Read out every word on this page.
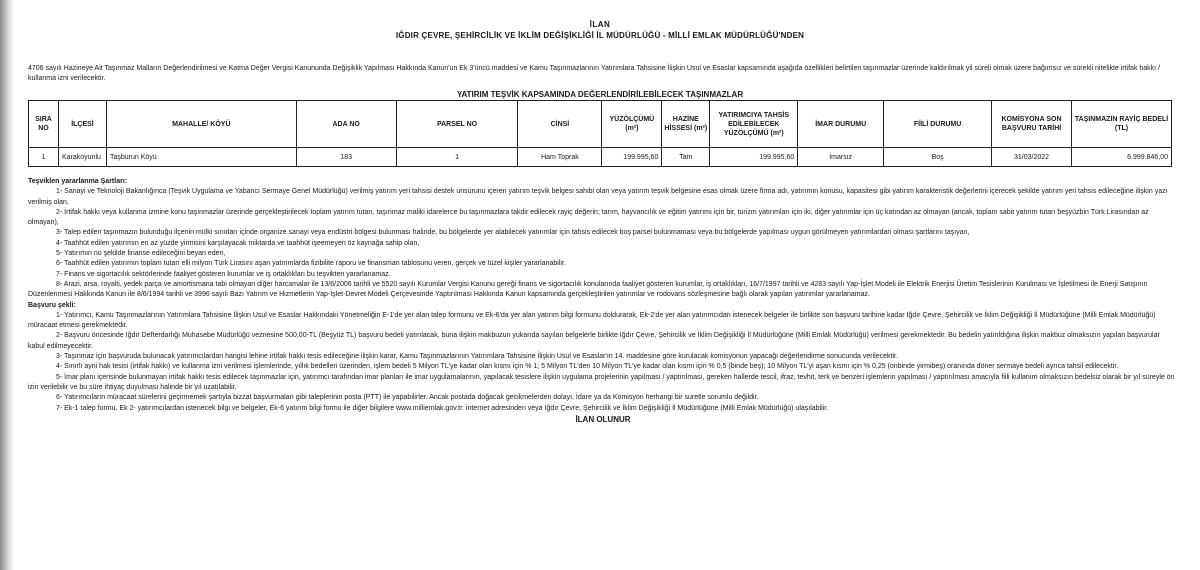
İLAN
IĞDIR ÇEVRE, ŞEHİRCİLİK VE İKLİM DEĞİŞİKLİĞİ İL MÜDÜRLÜĞÜ - MİLLİ EMLAK MÜDÜRLÜĞÜ'NDEN
4706 sayılı Hazineye Ait Taşınmaz Malların Değerlendirilmesi ve Katma Değer Vergisi Kanununda Değişiklik Yapılması Hakkında Kanun'un Ek 3'üncü maddesi ve Kamu Taşınmazlarının Yatırımlara Tahsisine İlişkin Usul ve Esaslar kapsamında aşağıda özellikleri belirtilen taşınmazlar üzerinde kaldırılmak yil süreli olmak üzere bağımsız ve sürekli nitelikte irtifak hakkı / kullanma izni verilecektir.
YATIRIM TEŞVİK KAPSAMINDA DEĞERLENDİRİLEBİLECEK TAŞINMAZLAR
SIRA NO	İLÇESİ	MAHALLE/ KÖYÜ	ADA NO	PARSEL NO	CİNSİ	YÜZÖLÇÜMÜ (m²)	HAZİNE HİSSESİ (m²)	YATIRIMCIYA TAHSİS EDİLEBİLECEK YÜZÖLÇÜMÜ (m²)	İMAR DURUMU	FİİLİ DURUMU	KOMİSYONA SON BAŞVURU TARİHİ	TAŞINMAZIN RAYİÇ BEDELİ (TL)
1	Karakoyunlu	Taşburun Köyü	183	1	Ham Toprak	199.995,60	Tam	199.995,60	İmarsız	Boş	31/03/2022	6.999.846,00
Teşviklen yararlanma Şartları:
1- Sanayi ve Teknoloji Bakanlığınca (Teşvik Uygulama ve Yabancı Sermaye Genel Müdürlüğü) verilmiş yatırım yeri tahsisi destek unsurunu içeren yatırım teşvik belgesi sahibi olan veya yatırım teşvik belgesine esas olmak üzere firma adı, yatırımın konusu, kapasitesi gibi yatırım karakteristik değerlerini içerecek şekilde yatırım yeri tahsis edileceğine ilişkin yazı verilmiş olan,
2- İrtifak hakkı veya kullanma izmine konu taşınmazlar üzerinde gerçekleştirilecek toplam yatırım tutarı, taşınmaz maliki idarelerce bu taşınmazlara takdir edilecek rayiç değerin; tarım, hayvancılık ve eğitim yatırımı için bir, turizm yatırımları için iki, diğer yatırımlar için üç katından az olmayan (ancak, toplam sabit yatırım tutarı beşyüzbin Türk Lirasından az olmayan),
3- Talep edilen taşınmazın bulunduğu ilçenin mülki sınırları içinde organize sanayi veya endüstri bölgesi bulunması halinde, bu bölgelerde yer alabilecek yatırımlar için tahsis edilecek boş parsel bulunmaması veya bu bölgelerde yapılması uygun görülmeyen yatırımlardan olması şartlarını taşıyan,
4- Taahhüt edilen yatırımın en az yüzde yirmisini karşılayacak miktarda ve taahhüt işeemeyen öz kaynağa sahip olan,
5- Yatırımın no şekilde finanse edileceğini beyan eden,
6- Taahhüt edilen yatırımın toplam tutarı elli milyon Türk Lirasını aşan yatırımlarda fizibilite raporu ve finansman tablosunu veren, gerçek ve tüzel kişiler yararlanabilir.
7- Finans ve sigortacılık sektörlerinde faaliyet gösteren kurumlar ve iş ortaklıkları bu teşvikten yararlanamaz.
8- Arazi, arsa, royalti, yedek parça ve amortismana tabi olmayan diğer harcamalar ile 13/6/2006 tarihli ve 5520 sayılı Kurumlar Vergisi Kanunu gereği finans ve sigortacılık konularında faaliyet gösteren kurumlar, iş ortaklıkları, 16/7/1997 tarihli ve 4283 sayılı Yap-İşlet Modeli ile Elektrik Enerjisi Üretim Tesislerinin Kurulması ve İşletilmesi ile Enerji Satışının Düzenlenmesi Hakkında Kanun ile 8/6/1994 tarihli ve 3996 sayılı Bazı Yatırım ve Hizmetlerin Yap-İşlet-Devret Modeli Çerçevesinde Yaptırılması Hakkında Kanun kapsamında gerçekleştirilen yatırımlar ve rodovans sözleşmesine bağlı olarak yapılan yatırımlar yararlanamaz.
Başvuru şekli:
1- Yatırımcı, Kamu Taşınmazlarının Yatırımlara Tahsisine İlişkin Usul ve Esaslar Hakkındaki Yönetmeliğin E-1'de yer alan talep formunu ve Ek-6'da yer alan yatırım bilgi formunu doldurarak, Ek-2'de yer alan yatırımcıdan istenecek belgeler ile birlikte son başvuru tarihine kadar Iğdır Çevre, Şehircilik ve İklim Değişikliği İl Müdürlüğüne (Milli Emlak Müdürlüğü) müracaat etmesi gerekmektedir.
2- Başvuru öncesinde Iğdır Defterdarlığı Muhasebe Müdürlüğü veznesine 500,00-TL (Beşyüz TL) başvuru bedeli yatırılacak, buna ilişkin makbuzun yukarıda sayılan belgelerle birlikte Iğdır Çevre, Şehircilik ve İklim Değişikliği İl Müdürlüğüne (Milli Emlak Müdürlüğü) verilmesi gerekmektedir. Bu bedelin yatırıldığına ilişkin makbuz olmaksızın yapılan başvurular kabul edilmeyecektir.
3- Taşınmaz için başvuruda bulunacak yatırımcılardan hangisi lehine irtifak hakkı tesis edileceğine ilişkin karar, Kamu Taşınmazlarının Yatırımlara Tahsisine İlişkin Usul ve Esaslar'ın 14. maddesine göre kurulacak komisyonun yapacağı değerlendirme sonucunda verilecektir.
4- Sınırlı ayni hak tesisi (irtifak hakkı) ve kullanma izni verilmesi işlemlerinde, yıllık bedelleri üzerinden, işlem bedeli 5 Milyon TL'ye kadar olan kısmı için % 1; 5 Milyon TL'den 10 Milyon TL'ye kadar olan kısmı için % 0,5 (binde beş); 10 Milyon TL'yi aşan kısmı için % 0,25 (onbinde yirmibeş) oranında döner sermaye bedeli ayrıca tahsil edilecektir.
5- İmar planı içerisinde bulunmayan irtifak hakkı tesis edilecek taşınmazlar için, yatırımcı tarafından imar planları ile imar uygulamalarının, yapılacak tesislere ilişkin uygulama projelerinin yapılması / yaptırılması, gereken hallerde tescil, ifraz, tevhit, terk ve benzeri işlemlerin yapılması / yaptırılması amacıyla fiili kullanım olmaksızın bedelsiz olarak bir yıl süreyle ön izin verilebilir ve bu süre ihtiyaç duyulması halinde bir yıl uzatılabilir.
6- Yatırımcıların müracaat sürelerini geçirmemek şartıyla bizzat başvurmaları gibi taleplerinin posta (PTT) ile yapabilirler. Ancak postada doğacak gecikmelerden dolayı, İdare ya da Komisyon herhangi bir suretle sorumlu değildir.
7- Ek-1 talep formu, Ek 2- yatırımcılardan istenecek bilgi ve belgeler, Ek-6 yatırım bilgi formu ile diğer bilgilere www.milliemlak.gov.tr. internet adresinden veya Iğdır Çevre, Şehircilik ve İklim Değişikliği İl Müdürlüğüne (Milli Emlak Müdürlüğü) ulaşılabilir.
İLAN OLUNUR
